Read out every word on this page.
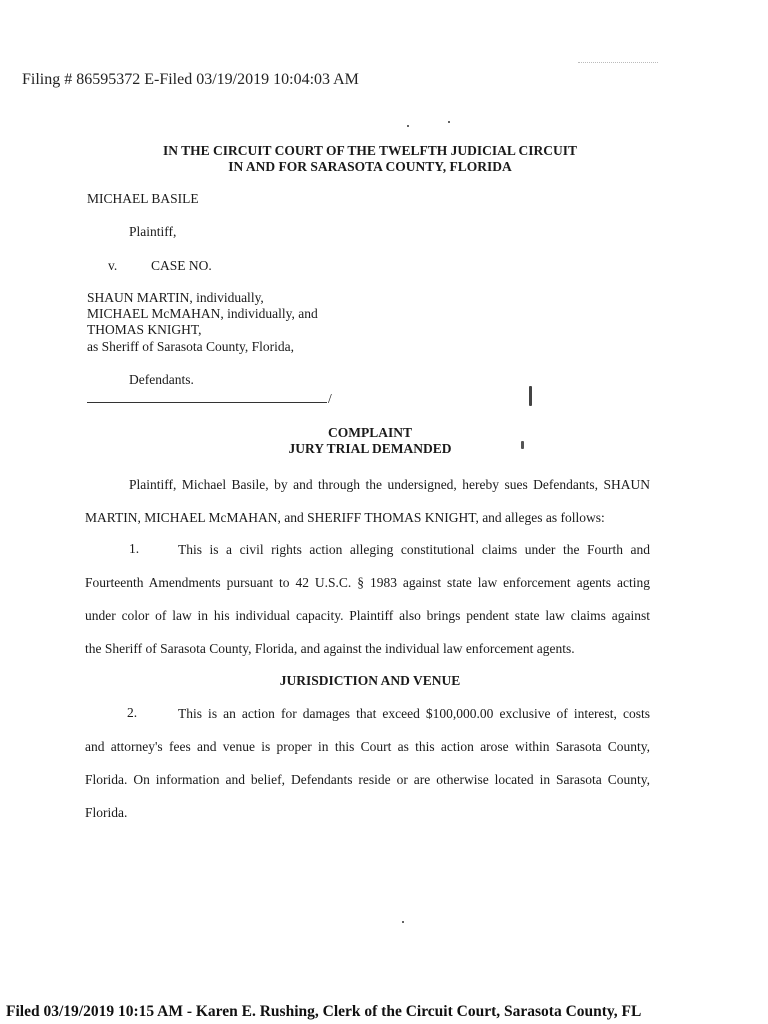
Filing # 86595372 E-Filed 03/19/2019 10:04:03 AM
IN THE CIRCUIT COURT OF THE TWELFTH JUDICIAL CIRCUIT
IN AND FOR SARASOTA COUNTY, FLORIDA
MICHAEL BASILE
Plaintiff,
v.	CASE NO.
SHAUN MARTIN, individually,
MICHAEL McMAHAN, individually, and
THOMAS KNIGHT,
as Sheriff of Sarasota County, Florida,
Defendants.
/
COMPLAINT
JURY TRIAL DEMANDED

Plaintiff, Michael Basile, by and through the undersigned, hereby sues Defendants, SHAUN

MARTIN, MICHAEL McMAHAN, and SHERIFF THOMAS KNIGHT, and alleges as follows:

1.	This is a civil rights action alleging constitutional claims under the Fourth and

Fourteenth Amendments pursuant to 42 U.S.C. § 1983 against state law enforcement agents acting

under color of law in his individual capacity. Plaintiff also brings pendent state law claims against

the Sheriff of Sarasota County, Florida, and against the individual law enforcement agents.

JURISDICTION AND VENUE
2.	This is an action for damages that exceed $100,000.00 exclusive of interest, costs

and attorney's fees and venue is proper in this Court as this action arose within Sarasota County,

Florida. On information and belief, Defendants reside or are otherwise located in Sarasota County,

Florida.

Filed 03/19/2019 10:15 AM - Karen E. Rushing, Clerk of the Circuit Court, Sarasota County, FL
